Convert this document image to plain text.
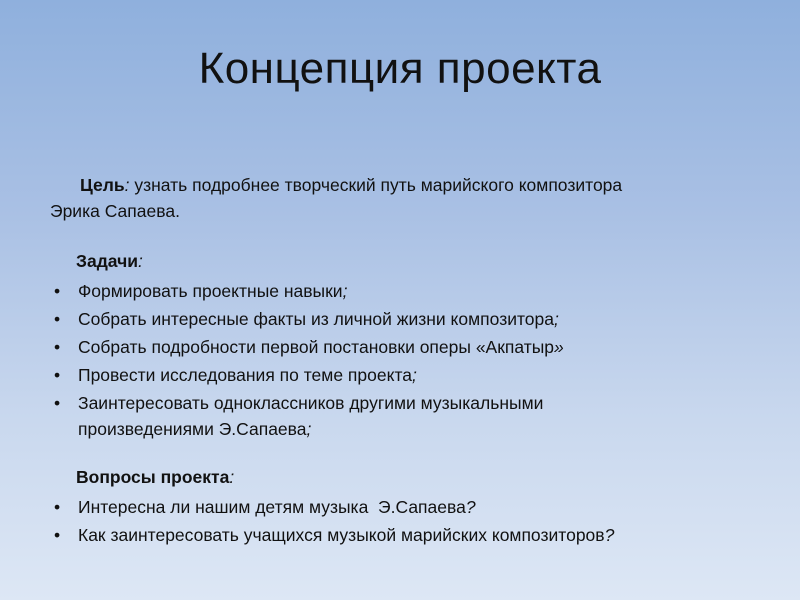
Концепция проекта

Цель: узнать подробнее творческий путь марийского композитора
Эрика Сапаева.

Задачи:
• Формировать проектные навыки;
• Собрать интересные факты из личной жизни композитора;
• Собрать подробности первой постановки оперы «Акпатыр»
• Провести исследования по теме проекта;
• Заинтересовать одноклассников другими музыкальными произведениями Э.Сапаева;
Вопросы проекта:
• Интересна ли нашим детям музыка  Э.Сапаева?
• Как заинтересовать учащихся музыкой марийских композиторов?
